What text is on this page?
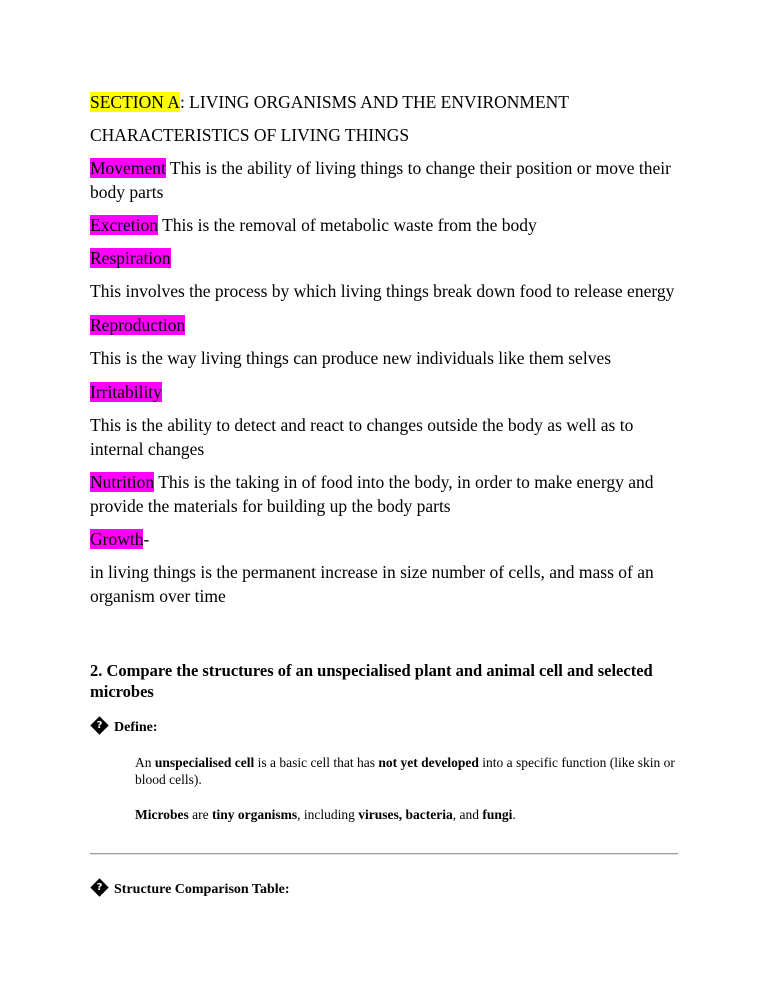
SECTION A: LIVING ORGANISMS AND THE ENVIRONMENT

CHARACTERISTICS OF LIVING THINGS

Movement This is the ability of living things to change their position or move their body parts

Excretion This is the removal of metabolic waste from the body

Respiration

This involves the process by which living things break down food to release energy

Reproduction

This is the way living things can produce new individuals like them selves

Irritability

This is the ability to detect and react to changes outside the body as well as to internal changes

Nutrition This is the taking in of food into the body, in order to make energy and provide the materials for building up the body parts

Growth-

in living things is the permanent increase in size number of cells, and mass of an organism over time

2. Compare the structures of an unspecialised plant and animal cell and selected microbes

?Define:

An unspecialised cell is a basic cell that has not yet developed into a specific function (like skin or blood cells).

Microbes are tiny organisms, including viruses, bacteria, and fungi.

?Structure Comparison Table:
